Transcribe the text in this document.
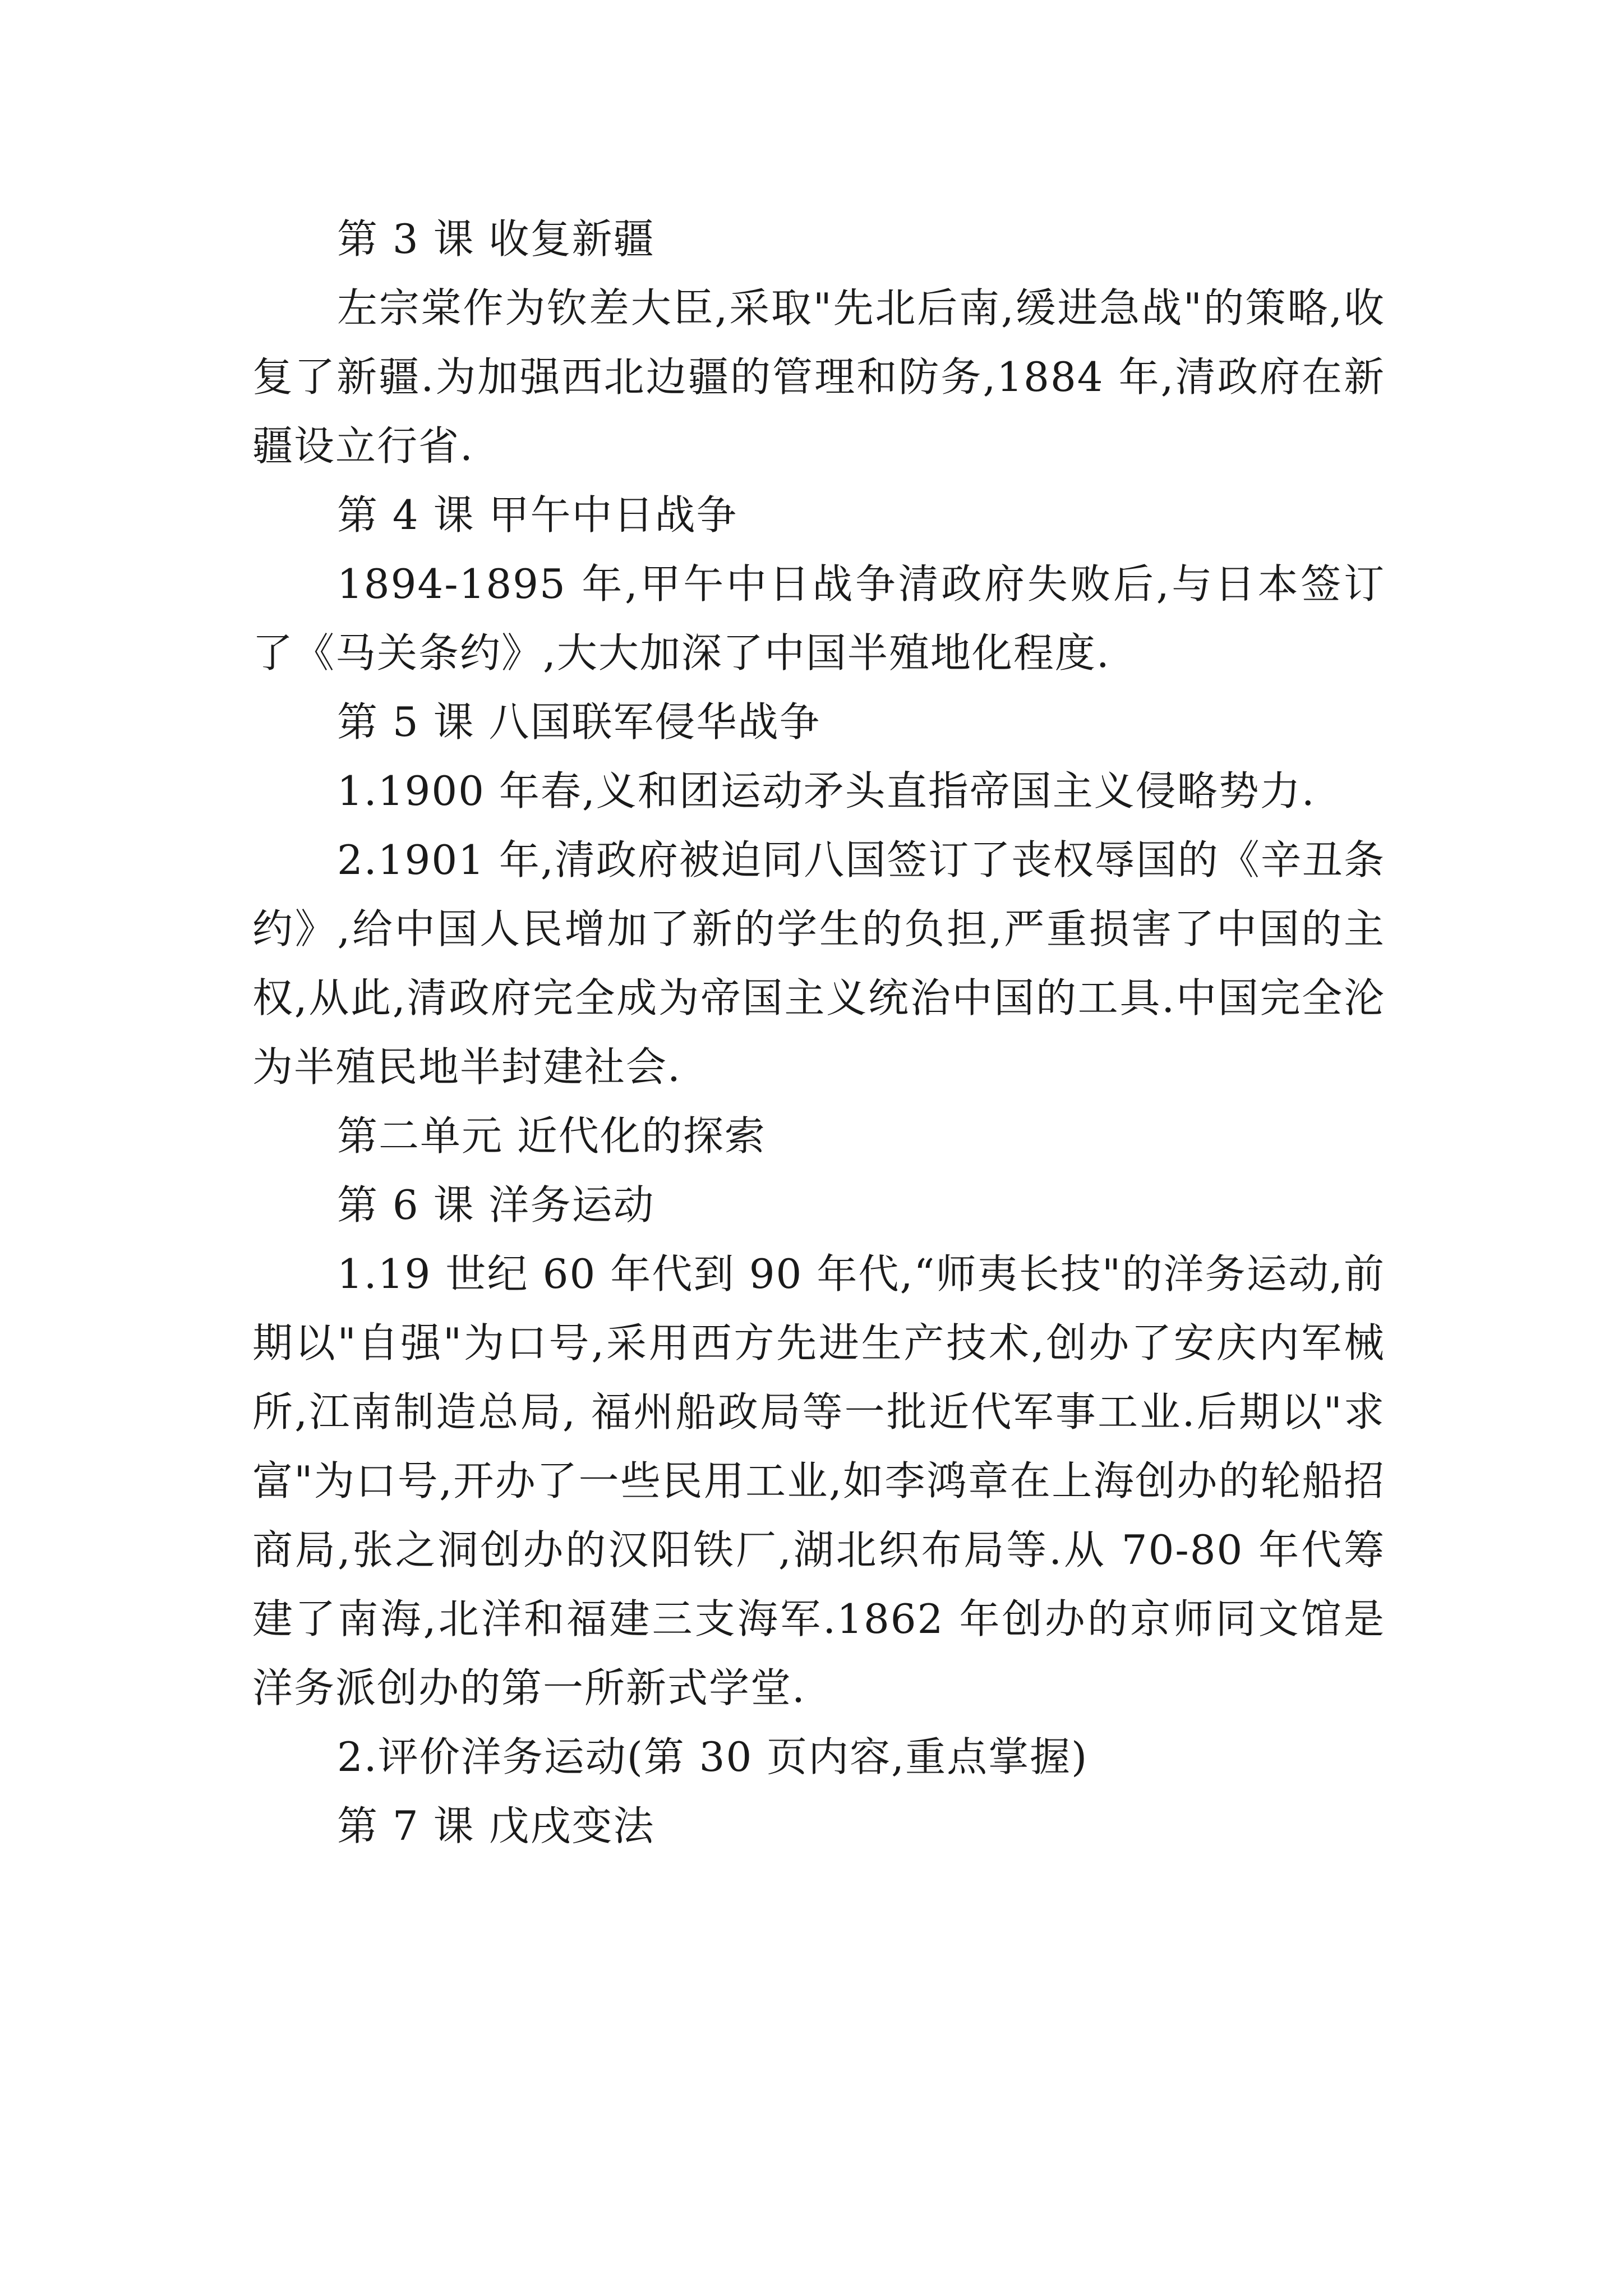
第 3 课 收复新疆

左宗棠作为钦差大臣,采取"先北后南,缓进急战"的策略,收复了新疆.为加强西北边疆的管理和防务,1884 年,清政府在新疆设立行省.

第 4 课 甲午中日战争

1894-1895 年,甲午中日战争清政府失败后,与日本签订了《马关条约》,大大加深了中国半殖地化程度.

第 5 课 八国联军侵华战争

1.1900 年春,义和团运动矛头直指帝国主义侵略势力.

2.1901 年,清政府被迫同八国签订了丧权辱国的《辛丑条约》,给中国人民增加了新的学生的负担,严重损害了中国的主权,从此,清政府完全成为帝国主义统治中国的工具.中国完全沦为半殖民地半封建社会.

第二单元 近代化的探索

第 6 课 洋务运动

1.19 世纪 60 年代到 90 年代,“师夷长技"的洋务运动,前期以"自强"为口号,采用西方先进生产技术,创办了安庆内军械所,江南制造总局, 福州船政局等一批近代军事工业.后期以"求富"为口号,开办了一些民用工业,如李鸿章在上海创办的轮船招商局,张之洞创办的汉阳铁厂,湖北织布局等.从 70-80 年代筹建了南海,北洋和福建三支海军.1862 年创办的京师同文馆是洋务派创办的第一所新式学堂.

2.评价洋务运动(第 30 页内容,重点掌握)

第 7 课 戊戌变法
